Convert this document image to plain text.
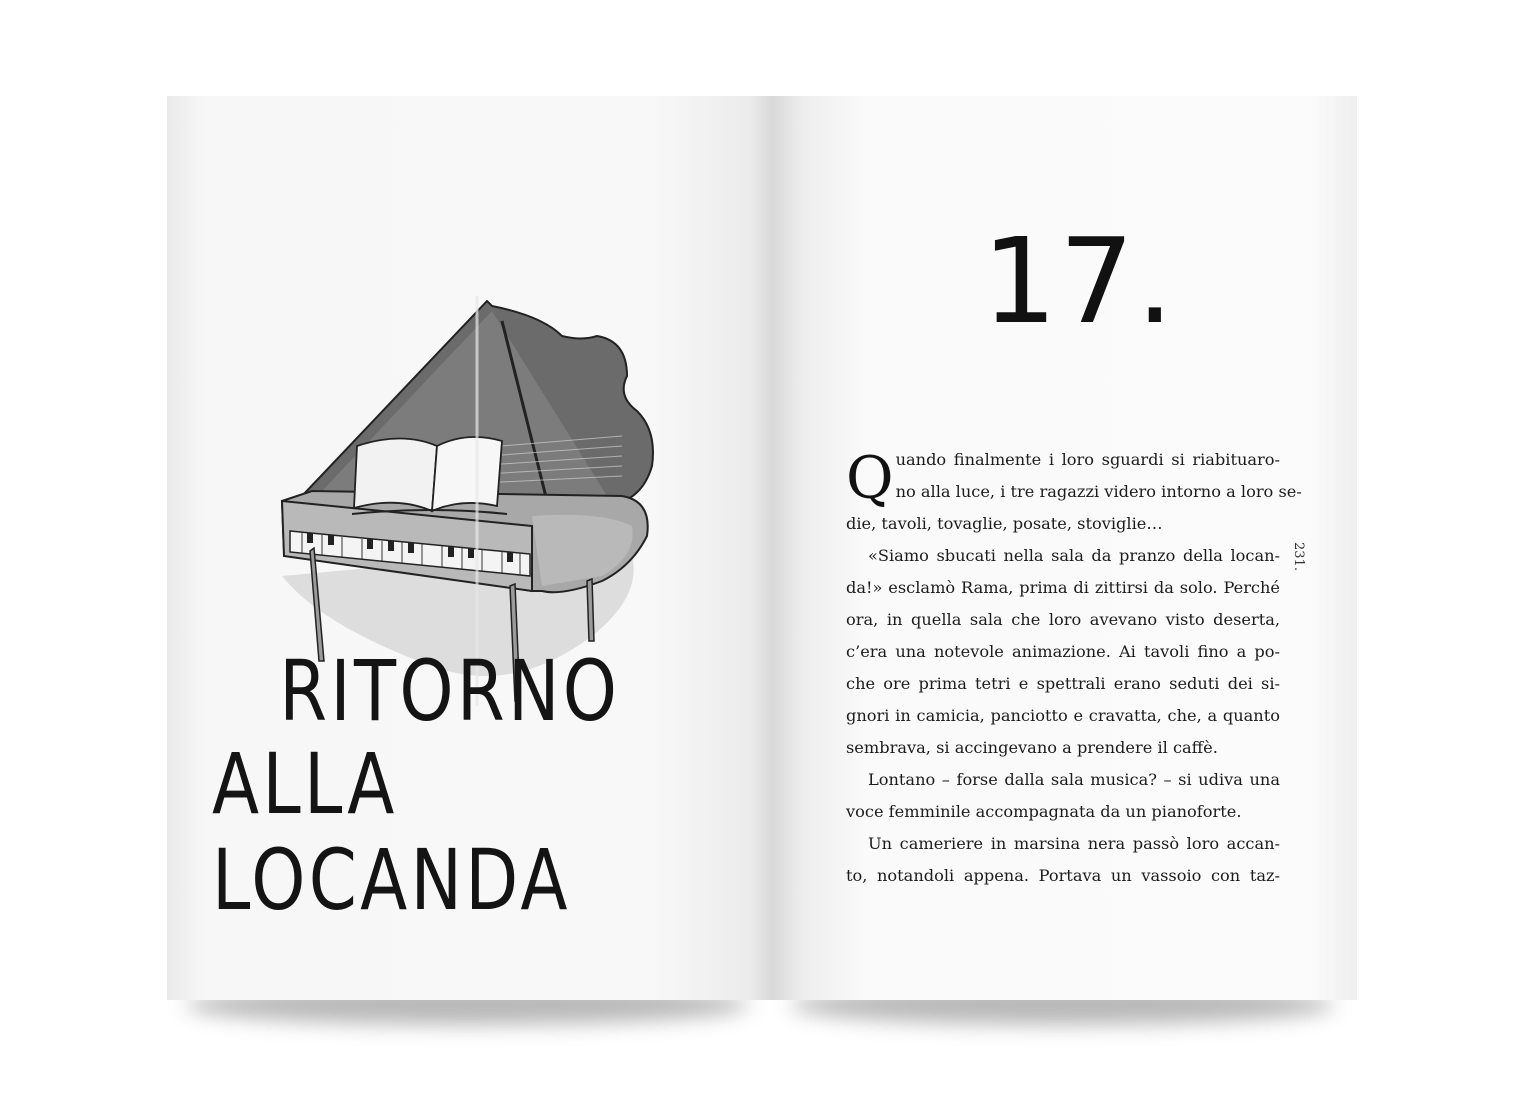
RITORNO
ALLA LOCANDA
17.
Q uando finalmente i loro sguardi si riabituaro-
no alla luce, i tre ragazzi videro intorno a loro se-
die, tavoli, tovaglie, posate, stoviglie…
«Siamo sbucati nella sala da pranzo della locan-
da!» esclamò Rama, prima di zittirsi da solo. Perché
ora, in quella sala che loro avevano visto deserta,
c’era una notevole animazione. Ai tavoli fino a po-
che ore prima tetri e spettrali erano seduti dei si-
gnori in camicia, panciotto e cravatta, che, a quanto
sembrava, si accingevano a prendere il caffè.
Lontano – forse dalla sala musica? – si udiva una
voce femminile accompagnata da un pianoforte.
Un cameriere in marsina nera passò loro accan-
to, notandoli appena. Portava un vassoio con taz-
231.
